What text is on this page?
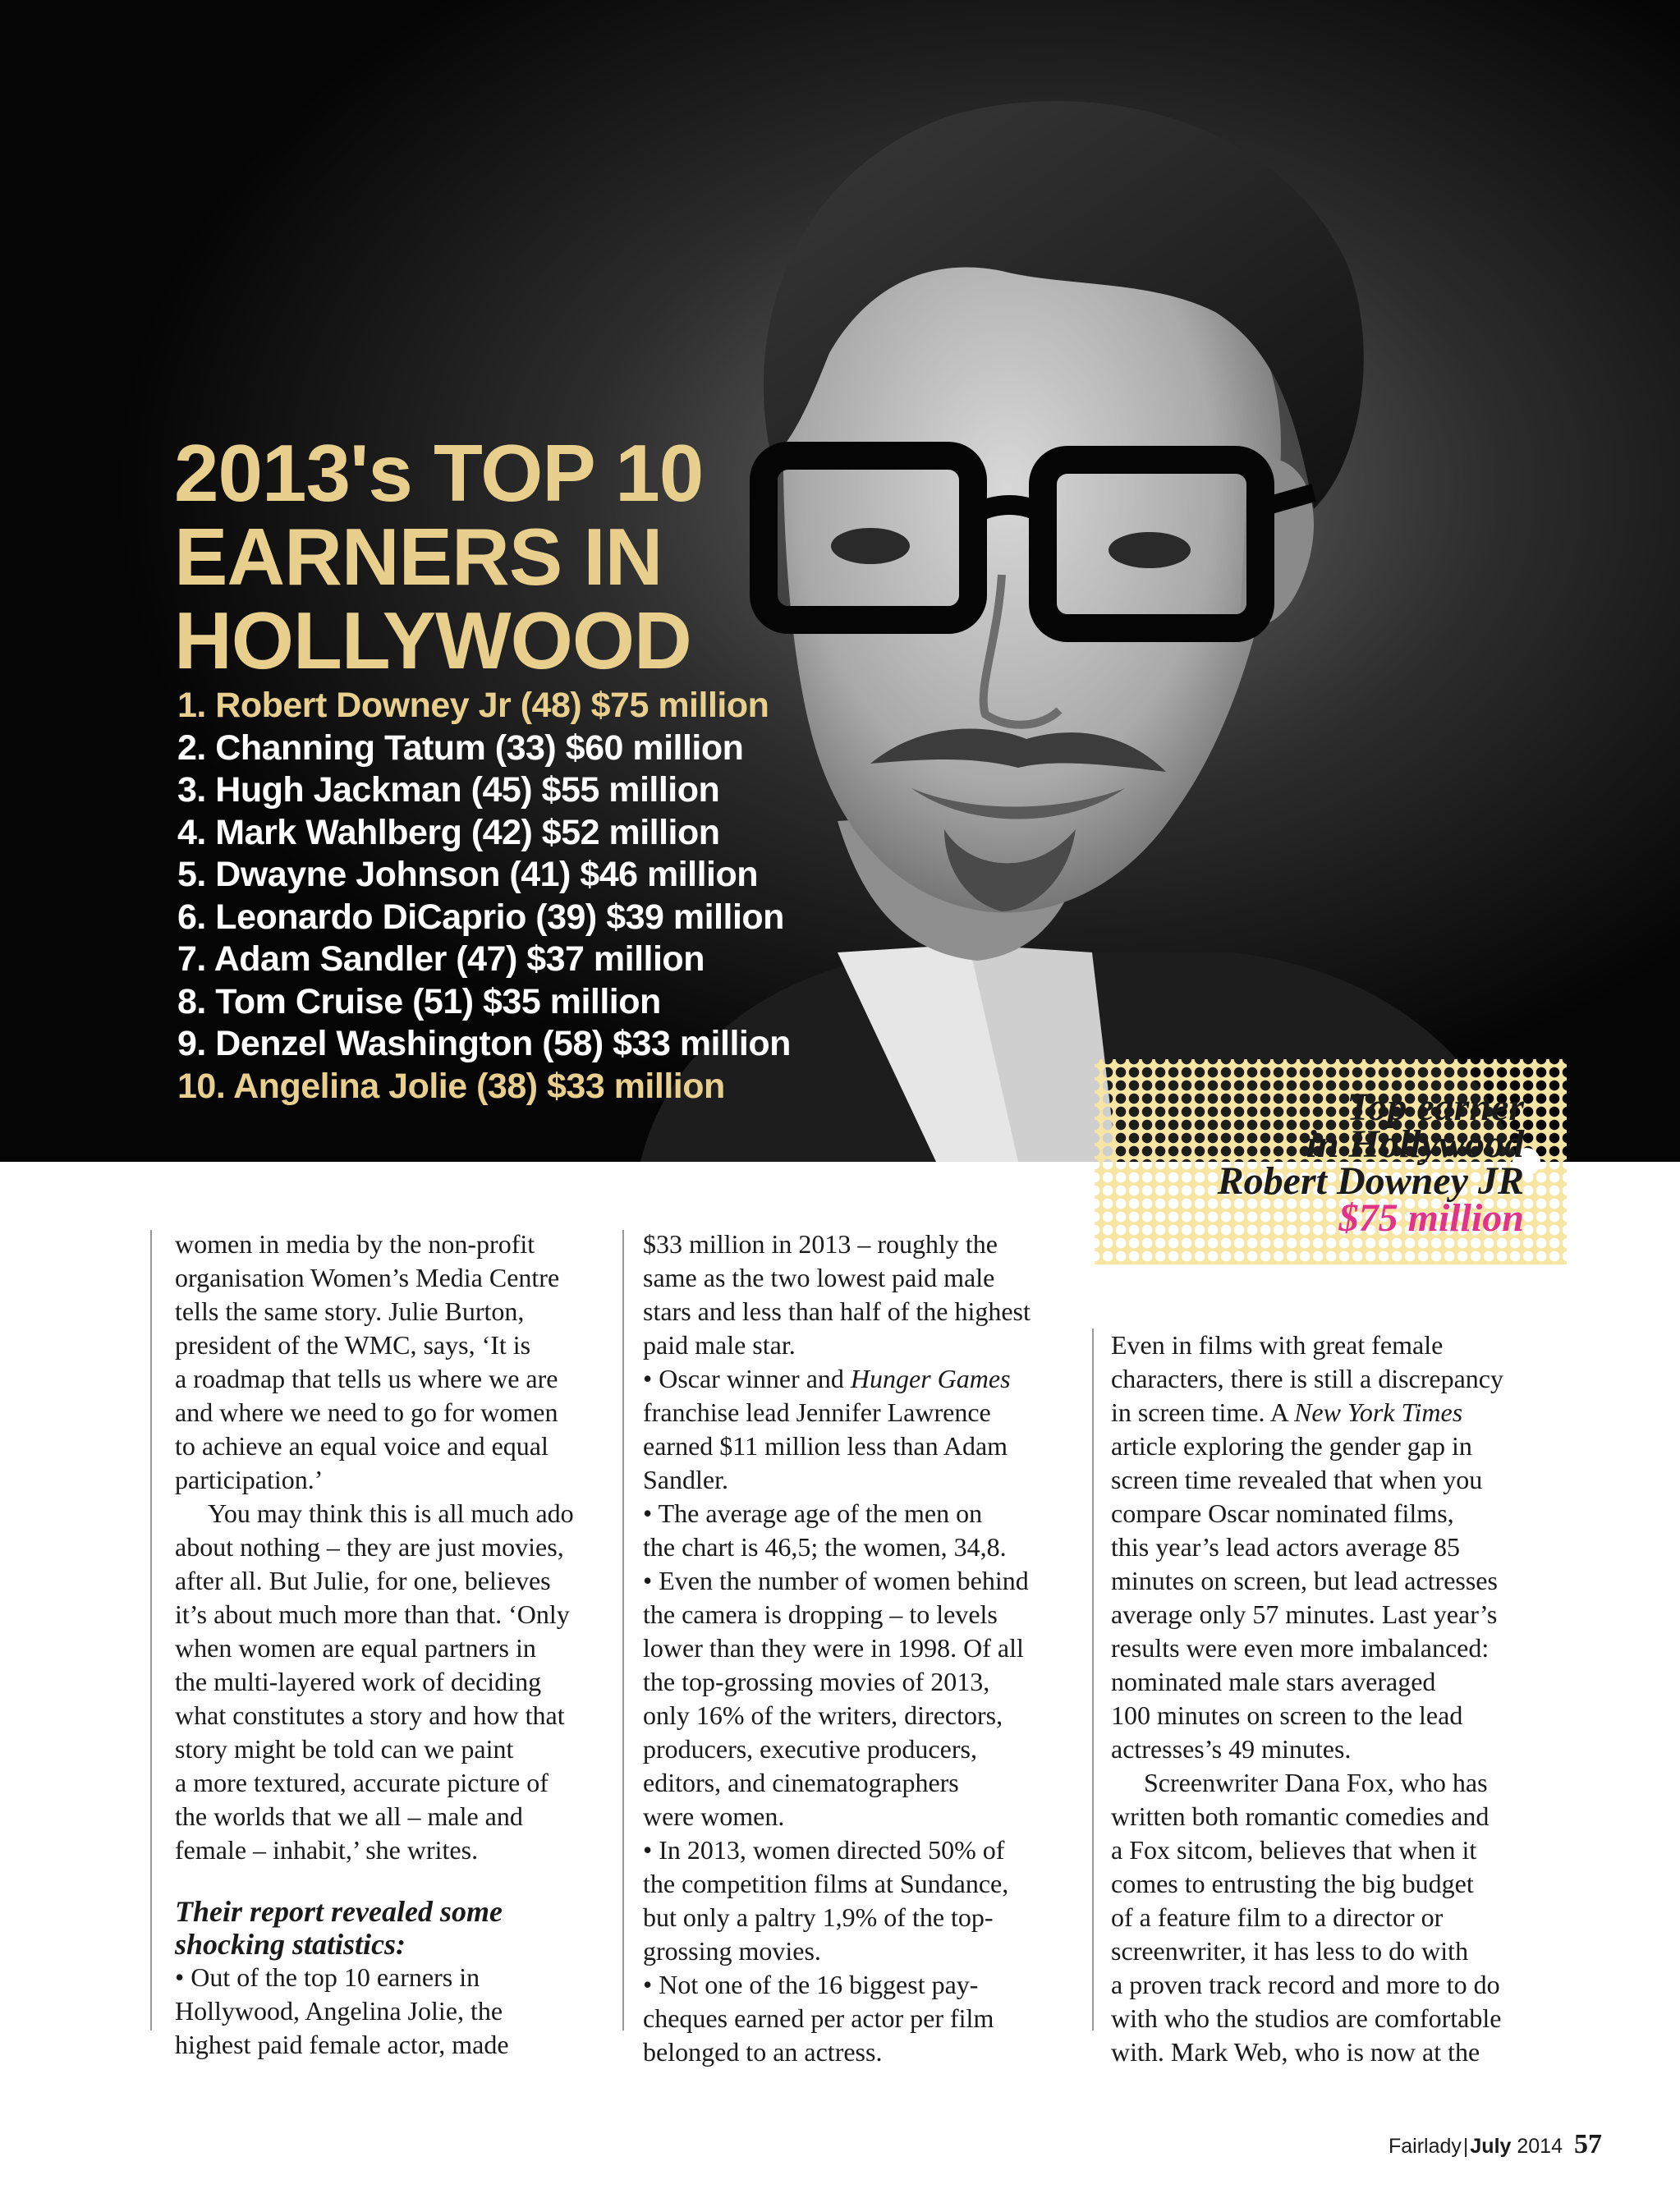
2013's TOP 10
EARNERS IN
HOLLYWOOD
1. Robert Downey Jr (48) $75 million
2. Channing Tatum (33) $60 million
3. Hugh Jackman (45) $55 million
4. Mark Wahlberg (42) $52 million
5. Dwayne Johnson (41) $46 million
6. Leonardo DiCaprio (39) $39 million
7. Adam Sandler (47) $37 million
8. Tom Cruise (51) $35 million
9. Denzel Washington (58) $33 million
10. Angelina Jolie (38) $33 million	Top earner
in Hollywood
Robert Downey JR
$75 million

women in media by the non-profit
organisation Women’s Media Centre
tells the same story. Julie Burton,
president of the WMC, says, ‘It is
a roadmap that tells us where we are
and where we need to go for women
to achieve an equal voice and equal
participation.’

You may think this is all much ado
about nothing – they are just movies,
after all. But Julie, for one, believes
it’s about much more than that. ‘Only
when women are equal partners in
the multi-layered work of deciding
what constitutes a story and how that
story might be told can we paint
a more textured, accurate picture of
the worlds that we all – male and
female – inhabit,’ she writes.

Their report revealed some
shocking statistics:

• Out of the top 10 earners in
Hollywood, Angelina Jolie, the
highest paid female actor, made

$33 million in 2013 – roughly the
same as the two lowest paid male
stars and less than half of the highest
paid male star.

• Oscar winner and Hunger Games
franchise lead Jennifer Lawrence
earned $11 million less than Adam
Sandler.

• The average age of the men on
the chart is 46,5; the women, 34,8.

• Even the number of women behind
the camera is dropping – to levels
lower than they were in 1998. Of all
the top-grossing movies of 2013,
only 16% of the writers, directors,
producers, executive producers,
editors, and cinematographers
were women.

• In 2013, women directed 50% of
the competition films at Sundance,
but only a paltry 1,9% of the top-
grossing movies.

• Not one of the 16 biggest pay-
cheques earned per actor per film
belonged to an actress.

Even in films with great female
characters, there is still a discrepancy
in screen time. A New York Times
article exploring the gender gap in
screen time revealed that when you
compare Oscar nominated films,
this year’s lead actors average 85
minutes on screen, but lead actresses
average only 57 minutes. Last year’s
results were even more imbalanced:
nominated male stars averaged
100 minutes on screen to the lead
actresses’s 49 minutes.

Screenwriter Dana Fox, who has
written both romantic comedies and
a Fox sitcom, believes that when it
comes to entrusting the big budget
of a feature film to a director or
screenwriter, it has less to do with
a proven track record and more to do
with who the studios are comfortable
with. Mark Web, who is now at the

Fairlady|July 2014 57
